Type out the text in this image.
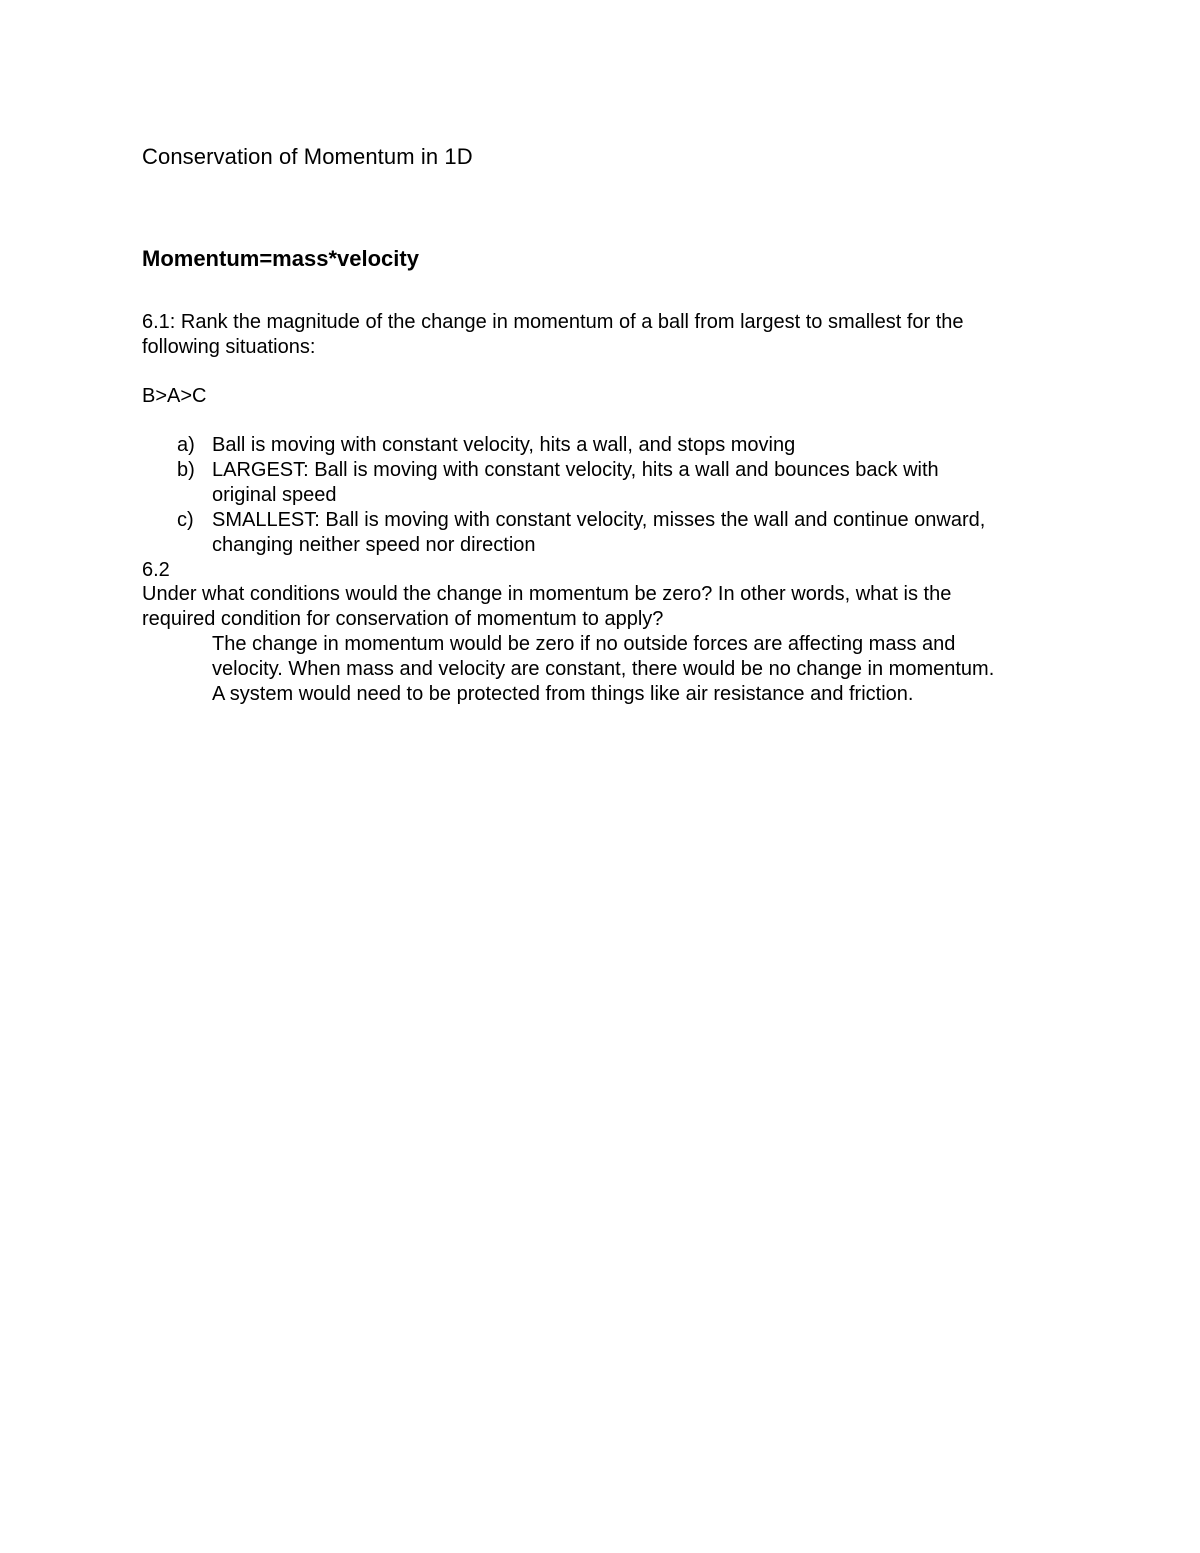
Conservation of Momentum in 1D
Momentum=mass*velocity
6.1: Rank the magnitude of the change in momentum of a ball from largest to smallest for the
following situations:
B>A>C
a) Ball is moving with constant velocity, hits a wall, and stops moving
b) LARGEST: Ball is moving with constant velocity, hits a wall and bounces back with
original speed
c) SMALLEST: Ball is moving with constant velocity, misses the wall and continue onward,
changing neither speed nor direction
6.2
Under what conditions would the change in momentum be zero? In other words, what is the
required condition for conservation of momentum to apply?
The change in momentum would be zero if no outside forces are affecting mass and
velocity. When mass and velocity are constant, there would be no change in momentum.
A system would need to be protected from things like air resistance and friction.
